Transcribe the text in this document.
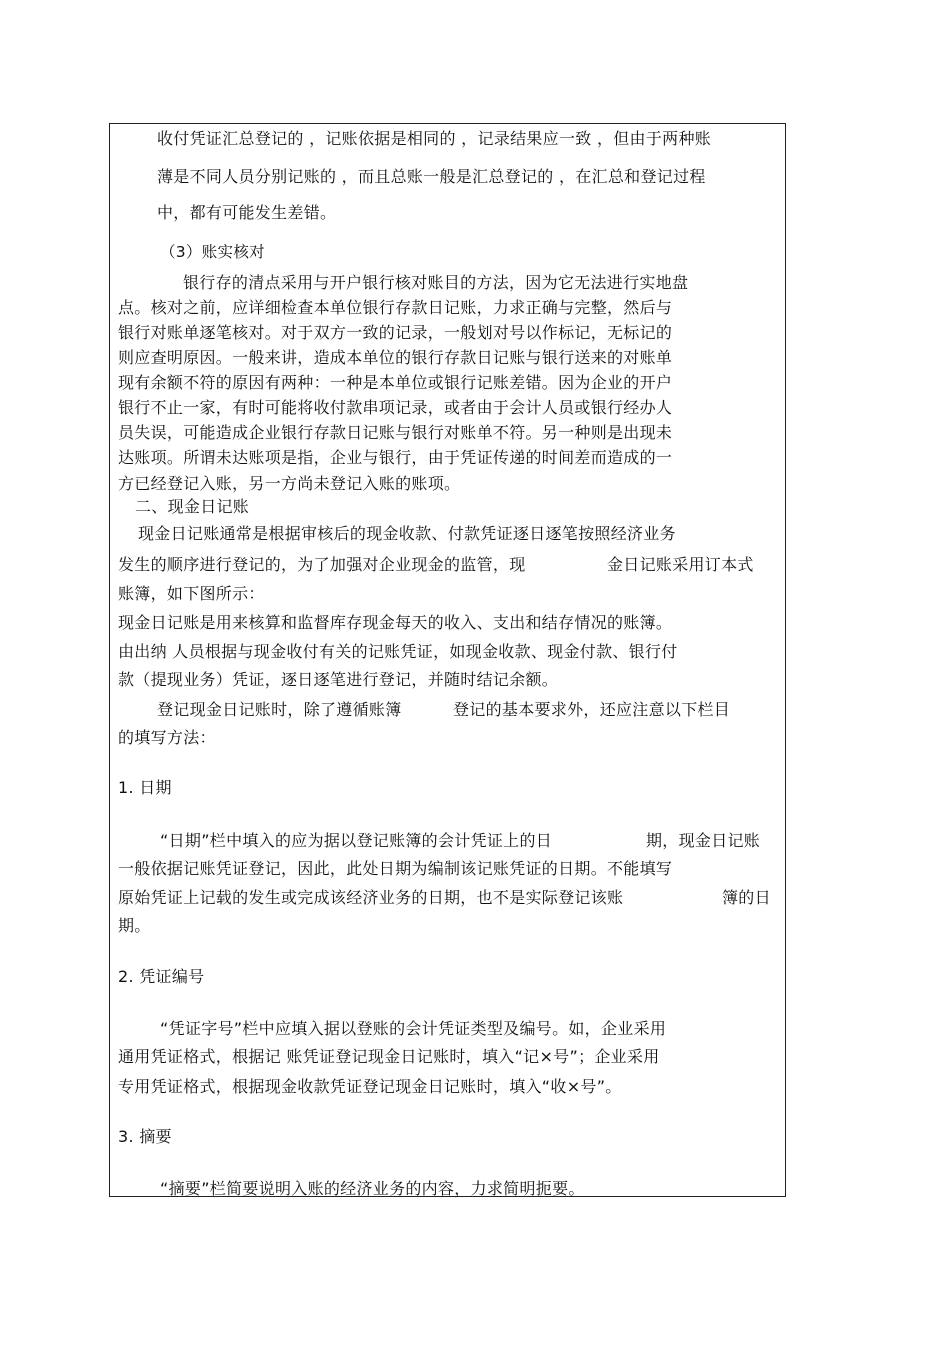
收付凭证汇总登记的 ，记账依据是相同的 ，记录结果应一致 ，但由于两种账
薄是不同人员分别记账的 ，而且总账一般是汇总登记的 ，在汇总和登记过程
中，都有可能发生差错。
（3）账实核对
银行存的清点采用与开户银行核对账目的方法，因为它无法进行实地盘
点。核对之前，应详细检查本单位银行存款日记账，力求正确与完整，然后与
银行对账单逐笔核对。对于双方一致的记录，一般划对号以作标记，无标记的
则应查明原因。一般来讲，造成本单位的银行存款日记账与银行送来的对账单
现有余额不符的原因有两种：一种是本单位或银行记账差错。因为企业的开户
银行不止一家，有时可能将收付款串项记录，或者由于会计人员或银行经办人
员失误，可能造成企业银行存款日记账与银行对账单不符。另一种则是出现未
达账项。所谓未达账项是指，企业与银行，由于凭证传递的时间差而造成的一
方已经登记入账，另一方尚未登记入账的账项。
二、现金日记账
现金日记账通常是根据审核后的现金收款、付款凭证逐日逐笔按照经济业务
发生的顺序进行登记的，为了加强对企业现金的监管，现	金日记账采用订本式
账簿，如下图所示：
现金日记账是用来核算和监督库存现金每天的收入、支出和结存情况的账簿。
由出纳 人员根据与现金收付有关的记账凭证，如现金收款、现金付款、银行付
款（提现业务）凭证，逐日逐笔进行登记，并随时结记余额。
登记现金日记账时，除了遵循账簿	登记的基本要求外，还应注意以下栏目
的填写方法：
1. 日期
“日期”栏中填入的应为据以登记账簿的会计凭证上的日	期，现金日记账
一般依据记账凭证登记，因此，此处日期为编制该记账凭证的日期。不能填写
原始凭证上记载的发生或完成该经济业务的日期，也不是实际登记该账	簿的日
期。
2. 凭证编号
“凭证字号”栏中应填入据以登账的会计凭证类型及编号。如，企业采用
通用凭证格式，根据记 账凭证登记现金日记账时，填入“记×号”；企业采用
专用凭证格式，根据现金收款凭证登记现金日记账时，填入“收×号”。
3. 摘要
“摘要”栏简要说明入账的经济业务的内容，力求简明扼要。
